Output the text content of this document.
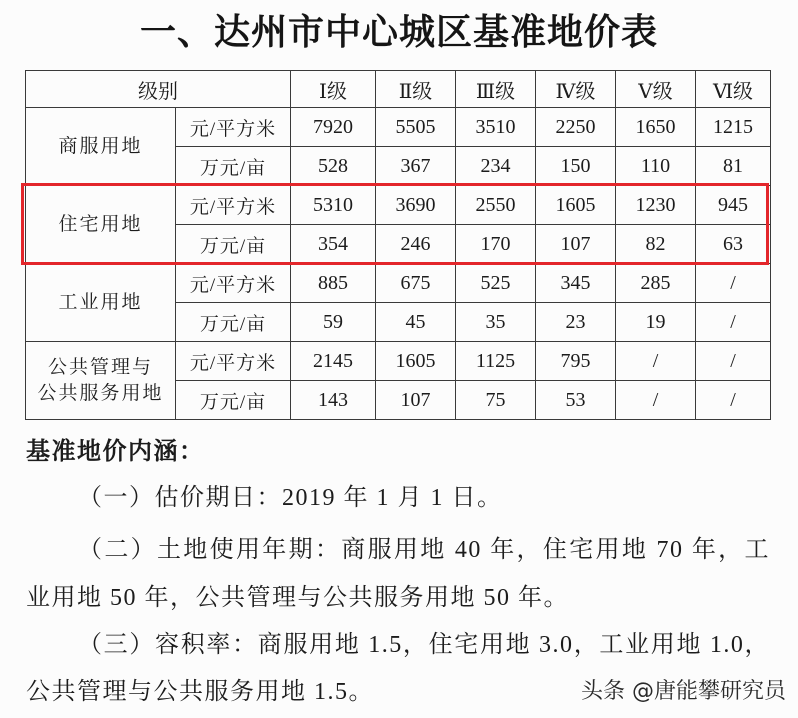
一、达州市中心城区基准地价表
级别		Ⅰ级	Ⅱ级	Ⅲ级	Ⅳ级	Ⅴ级	Ⅵ级
商服用地	元/平方米	7920	5505	3510	2250	1650	1215
	万元/亩	528	367	234	150	110	81
住宅用地	元/平方米	5310	3690	2550	1605	1230	945
	万元/亩	354	246	170	107	82	63
工业用地	元/平方米	885	675	525	345	285	/
	万元/亩	59	45	35	23	19	/

公共管理与
公共服务用地	元/平方米	2145	1605	1125	795	/	/
	万元/亩	143	107	75	53	/	/
基准地价内涵：
（一）估价期日：2019 年 1 月 1 日。
（二）土地使用年期：商服用地 40 年，住宅用地 70 年，工
业用地 50 年，公共管理与公共服务用地 50 年。
（三）容积率：商服用地 1.5，住宅用地 3.0，工业用地 1.0，
公共管理与公共服务用地 1.5。	头条 @唐能攀研究员
